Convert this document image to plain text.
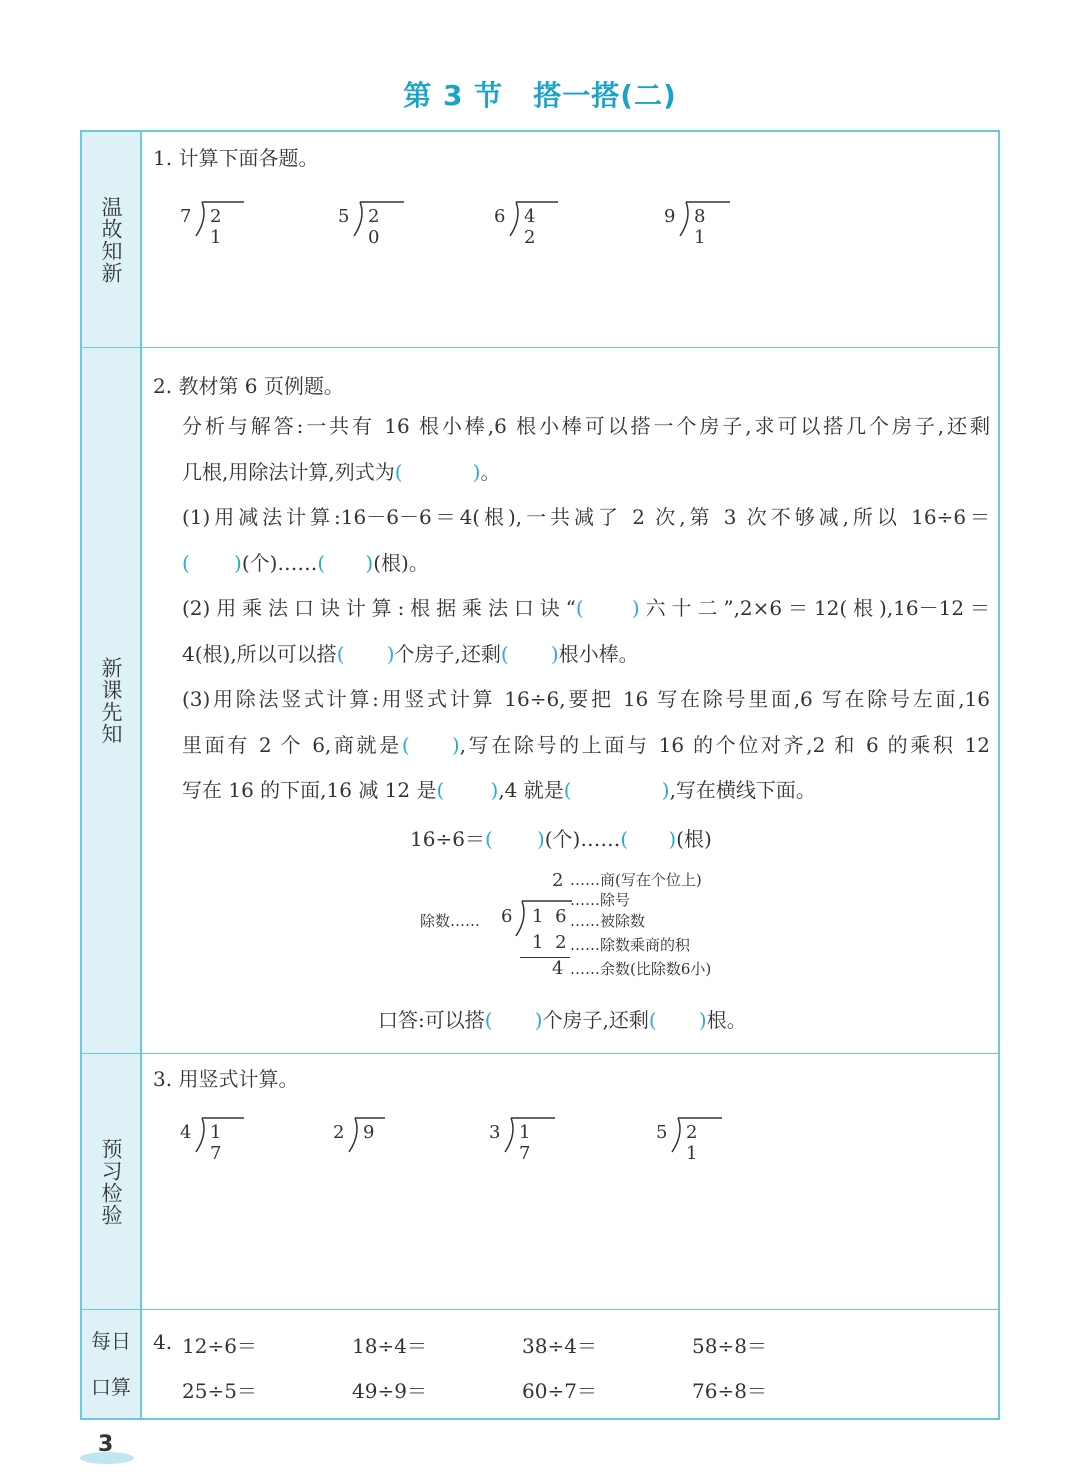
第 3 节 搭一搭(二)
温故知新
新课先知
预习检验
每日
口算
1. 计算下面各题。
7 2 1
5 2 0
6 4 2
9 8 1
2. 教材第 6 页例题。

分析与解答:一共有 16 根小棒,6 根小棒可以搭一个房子,求可以搭几个房子,还剩

几根,用除法计算,列式为(	)。

(1)用减法计算:16－6－6＝4(根),一共减了 2 次,第 3 次不够减,所以 16÷6＝

( )(个)……( )(根)。

(2)用乘法口诀计算:根据乘法口诀“( )六十二”,2×6＝12(根),16－12＝

4(根),所以可以搭( )个房子,还剩( )根小棒。

(3)用除法竖式计算:用竖式计算 16÷6,要把 16 写在除号里面,6 写在除号左面,16

里面有 2 个 6,商就是( ),写在除号的上面与 16 的个位对齐,2 和 6 的乘积 12

写在 16 的下面,16 减 12 是( ),4 就是(	),写在横线下面。

16÷6＝( )(个)……( )(根)
2 ……商(写在个位上)
……除号
除数…… 6 1 6 ……被除数
1 2 ……除数乘商的积
4 ……余数(比除数6小)
口答:可以搭( )个房子,还剩( )根。
3. 用竖式计算。
4 1 7
2 9	3 1 7
5 2 1
4. 12÷6＝	18÷4＝	38÷4＝	58÷8＝
25÷5＝	49÷9＝	60÷7＝	76÷8＝
3
